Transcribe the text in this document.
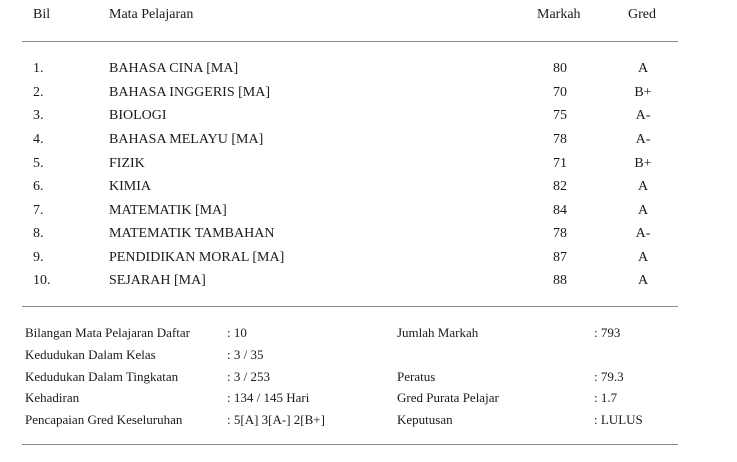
Bil	Mata Pelajaran	Markah	Gred
1.	BAHASA CINA [MA]	80	A
2.	BAHASA INGGERIS [MA]	70	B+
3.	BIOLOGI	75	A-
4.	BAHASA MELAYU [MA]	78	A-
5.	FIZIK	71	B+
6.	KIMIA	82	A
7.	MATEMATIK [MA]	84	A
8.	MATEMATIK TAMBAHAN	78	A-
9.	PENDIDIKAN MORAL [MA]	87	A
10.	SEJARAH [MA]	88	A
Bilangan Mata Pelajaran Daftar	: 10
Kedudukan Dalam Kelas	: 3 / 35
Kedudukan Dalam Tingkatan	: 3 / 253
Kehadiran	: 134 / 145 Hari
Pencapaian Gred Keseluruhan	: 5[A] 3[A-] 2[B+]
Jumlah Markah	: 793
Peratus	: 79.3
Gred Purata Pelajar	: 1.7
Keputusan	: LULUS
